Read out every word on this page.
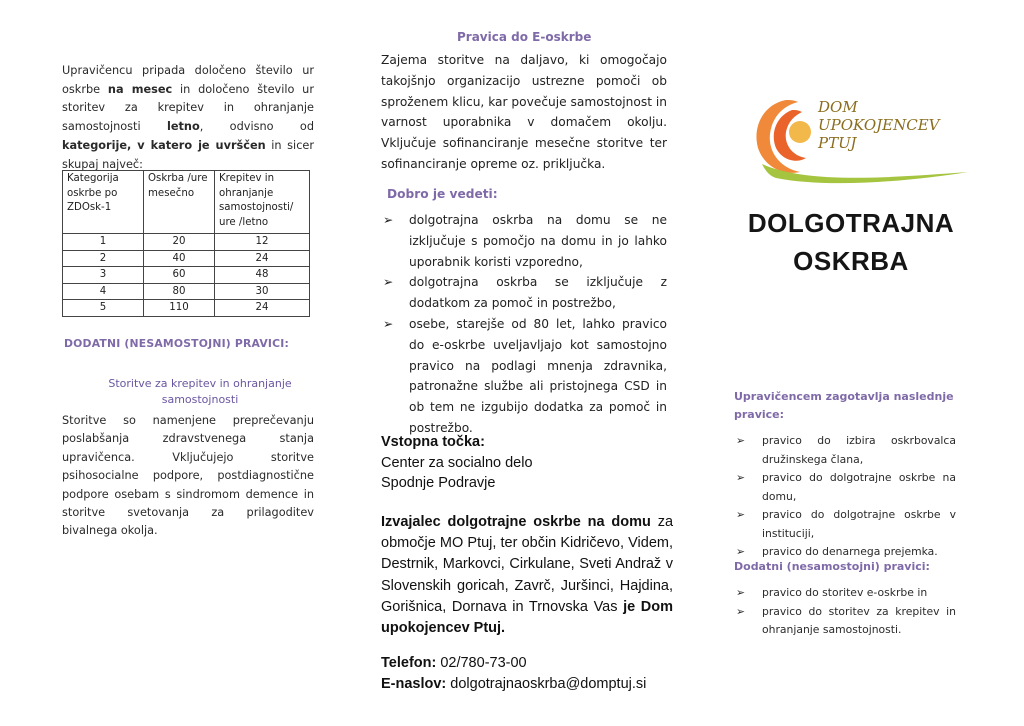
Upravičencu pripada določeno število ur oskrbe na mesec in določeno število ur storitev za krepitev in ohranjanje samostojnosti letno, odvisno od kategorije, v katero je uvrščen in sicer skupaj največ:

Kategorija oskrbe po ZDOsk-1	Oskrba /ure mesečno	Krepitev in ohranjanje samostojnosti/ ure /letno
1	20	12
2	40	24
3	60	48
4	80	30
5	110	24
DODATNI (NESAMOSTOJNI) PRAVICI:
Storitve za krepitev in ohranjanje samostojnosti

Storitve so namenjene preprečevanju poslabšanja zdravstvenega stanja upravičenca. Vključujejo storitve psihosocialne podpore, postdiagnostične podpore osebam s sindromom demence in storitve svetovanja za prilagoditev bivalnega okolja.

Pravica do E-oskrbe

Zajema storitve na daljavo, ki omogočajo takojšnjo organizacijo ustrezne pomoči ob sproženem klicu, kar povečuje samostojnost in varnost uporabnika v domačem okolju. Vključuje sofinanciranje mesečne storitve ter sofinanciranje opreme oz. priključka.

Dobro je vedeti:
➢ dolgotrajna oskrba na domu se ne izključuje s pomočjo na domu in jo lahko uporabnik koristi vzporedno,
➢ dolgotrajna oskrba se izključuje z dodatkom za pomoč in postrežbo,
➢ osebe, starejše od 80 let, lahko pravico do e-oskrbe uveljavljajo kot samostojno pravico na podlagi mnenja zdravnika, patronažne službe ali pristojnega CSD in ob tem ne izgubijo dodatka za pomoč in postrežbo.
Vstopna točka:
Center za socialno delo
Spodnje Podravje

Izvajalec dolgotrajne oskrbe na domu za območje MO Ptuj, ter občin Kidričevo, Videm, Destrnik, Markovci, Cirkulane, Sveti Andraž v Slovenskih goricah, Zavrč, Juršinci, Hajdina, Gorišnica, Dornava in Trnovska Vas je Dom upokojencev Ptuj.

Telefon: 02/780-73-00
E-naslov: dolgotrajnaoskrba@domptuj.si
DOM
UPOKOJENCEV
PTUJ
DOLGOTRAJNA
OSKRBA
Upravičencem zagotavlja naslednje pravice:
➢ pravico do izbira oskrbovalca družinskega člana,
➢ pravico do dolgotrajne oskrbe na domu,
➢ pravico do dolgotrajne oskrbe v instituciji,
➢ pravico do denarnega prejemka.
Dodatni (nesamostojni) pravici:
➢ pravico do storitev e-oskrbe in
➢ pravico do storitev za krepitev in ohranjanje samostojnosti.
